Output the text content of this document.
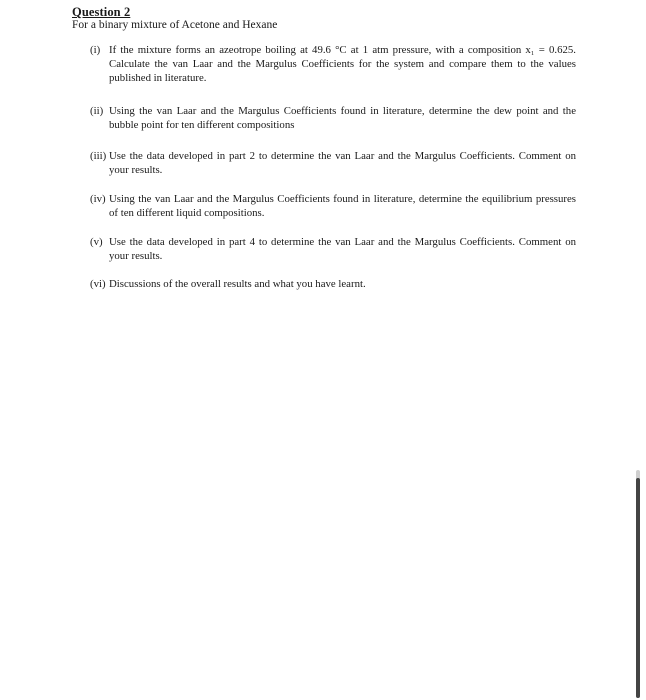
Question 2
For a binary mixture of Acetone and Hexane
(i) If the mixture forms an azeotrope boiling at 49.6 °C at 1 atm pressure, with a composition x₁ = 0.625. Calculate the van Laar and the Margulus Coefficients for the system and compare them to the values published in literature.
(ii) Using the van Laar and the Margulus Coefficients found in literature, determine the dew point and the bubble point for ten different compositions
(iii) Use the data developed in part 2 to determine the van Laar and the Margulus Coefficients. Comment on your results.
(iv) Using the van Laar and the Margulus Coefficients found in literature, determine the equilibrium pressures of ten different liquid compositions.
(v) Use the data developed in part 4 to determine the van Laar and the Margulus Coefficients. Comment on your results.
(vi) Discussions of the overall results and what you have learnt.
